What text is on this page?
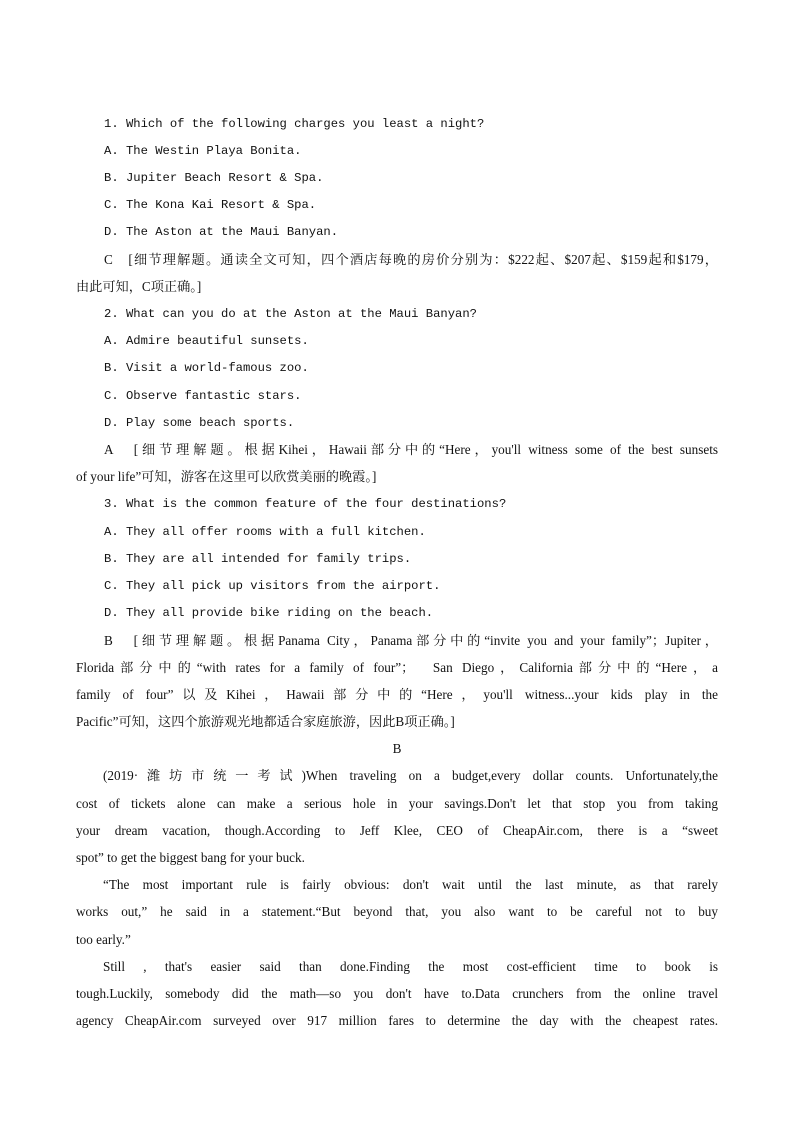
1. Which of the following charges you least a night?
A. The Westin Playa Bonita.
B. Jupiter Beach Resort & Spa.
C. The Kona Kai Resort & Spa.
D. The Aston at the Maui Banyan.
C　[细节理解题。通读全文可知，四个酒店每晚的房价分别为：$222起、$207起、$159起和$179，
由此可知，C项正确。]
2. What can you do at the Aston at the Maui Banyan?
A. Admire beautiful sunsets.
B. Visit a world-famous zoo.
C. Observe fantastic stars.
D. Play some beach sports.
A　[细节理解题。根据Kihei，Hawaii部分中的“Here，you'll witness some of the best sunsets
of your life”可知，游客在这里可以欣赏美丽的晚霞。]
3. What is the common feature of the four destinations?
A. They all offer rooms with a full kitchen.
B. They are all intended for family trips.
C. They all pick up visitors from the airport.
D. They all provide bike riding on the beach.
B　[细节理解题。根据Panama City，Panama部分中的“invite you and your family”；Jupiter，
Florida部分中的“with rates for a family of four”；　San Diego，California部分中的“Here，a
family of four”以及Kihei，Hawaii部分中的“Here，you'll witness...your kids play in the
Pacific”可知，这四个旅游观光地都适合家庭旅游，因此B项正确。]
B
(2019·潍坊市统一考试)When traveling on a budget,every dollar counts. Unfortunately,the
cost of tickets alone can make a serious hole in your savings.Don't let that stop you from taking
your dream vacation, though.According to Jeff Klee, CEO of CheapAir.com, there is a “sweet
spot” to get the biggest bang for your buck.
“The most important rule is fairly obvious: don't wait until the last minute, as that rarely
works out,” he said in a statement.“But beyond that, you also want to be careful not to buy
too early.”
Still , that's easier said than done.Finding the most cost-efficient time to book is
tough.Luckily, somebody did the math—so you don't have to.Data crunchers from the online travel
agency CheapAir.com surveyed over 917 million fares to determine the day with the cheapest rates.
